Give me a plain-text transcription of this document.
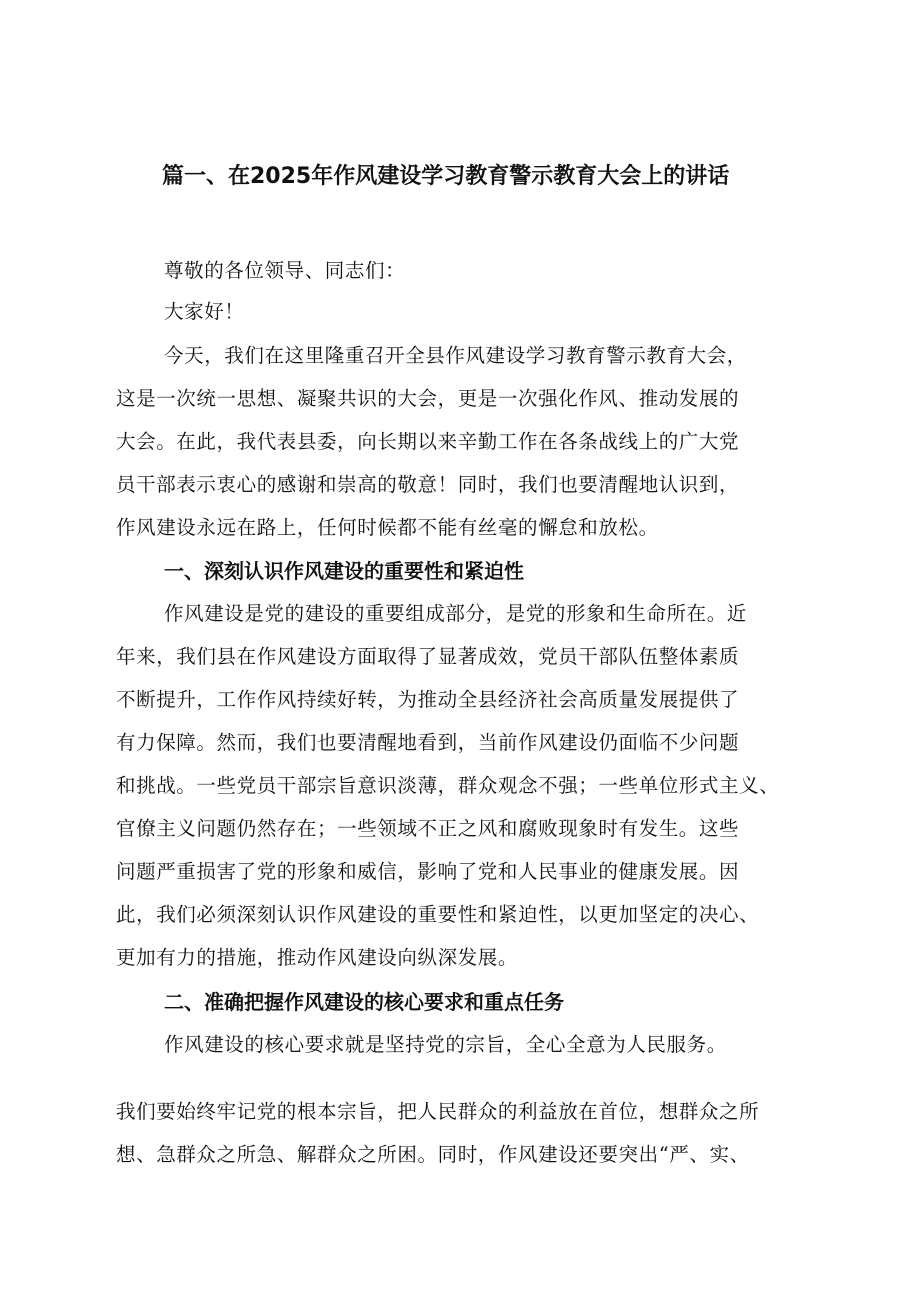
篇一、在2025年作风建设学习教育警示教育大会上的讲话
尊敬的各位领导、同志们：
大家好！
今天，我们在这里隆重召开全县作风建设学习教育警示教育大会，
这是一次统一思想、凝聚共识的大会，更是一次强化作风、推动发展的
大会。在此，我代表县委，向长期以来辛勤工作在各条战线上的广大党
员干部表示衷心的感谢和崇高的敬意！同时，我们也要清醒地认识到，
作风建设永远在路上，任何时候都不能有丝毫的懈怠和放松。
一、深刻认识作风建设的重要性和紧迫性
作风建设是党的建设的重要组成部分，是党的形象和生命所在。近
年来，我们县在作风建设方面取得了显著成效，党员干部队伍整体素质
不断提升，工作作风持续好转，为推动全县经济社会高质量发展提供了
有力保障。然而，我们也要清醒地看到，当前作风建设仍面临不少问题
和挑战。一些党员干部宗旨意识淡薄，群众观念不强；一些单位形式主义、
官僚主义问题仍然存在；一些领域不正之风和腐败现象时有发生。这些
问题严重损害了党的形象和威信，影响了党和人民事业的健康发展。因
此，我们必须深刻认识作风建设的重要性和紧迫性，以更加坚定的决心、
更加有力的措施，推动作风建设向纵深发展。
二、准确把握作风建设的核心要求和重点任务
作风建设的核心要求就是坚持党的宗旨，全心全意为人民服务。
我们要始终牢记党的根本宗旨，把人民群众的利益放在首位，想群众之所
想、急群众之所急、解群众之所困。同时，作风建设还要突出“严、实、
